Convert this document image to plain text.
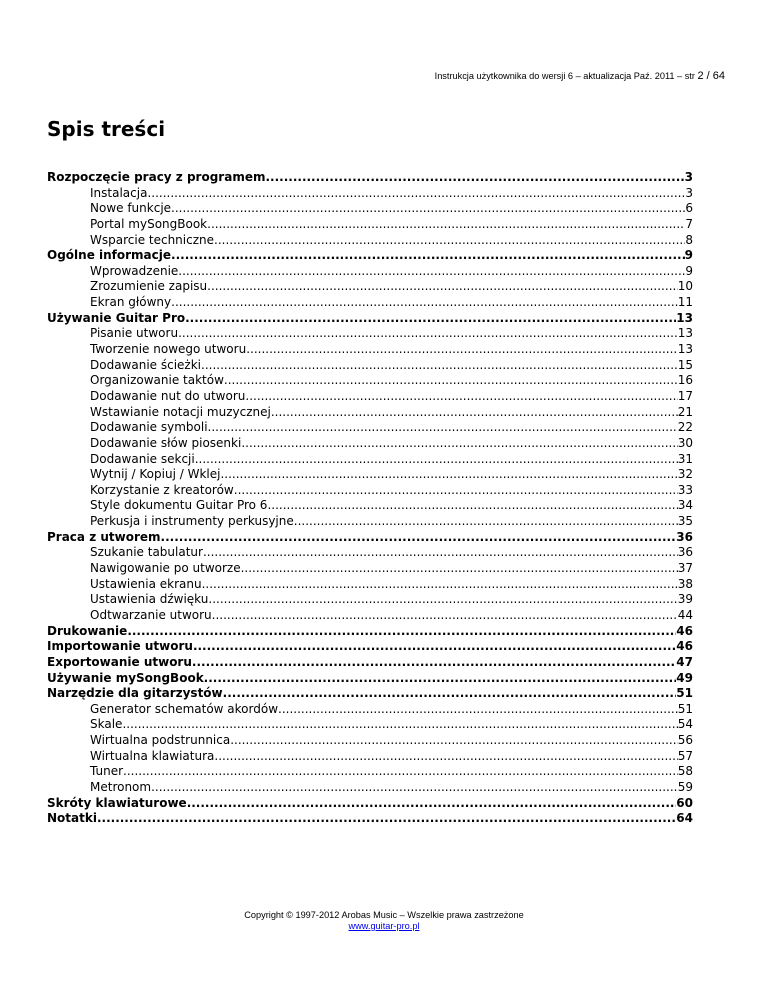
Instrukcja użytkownika do wersji 6 – aktualizacja Paź. 2011 – str 2 / 64
Spis treści
Rozpoczęcie pracy z programem .....	3
Instalacja .....	3
Nowe funkcje .....	6
Portal mySongBook .....	7
Wsparcie techniczne .....	8
Ogólne informacje .....	9
Wprowadzenie .....	9
Zrozumienie zapisu .....	10
Ekran główny .....	11
Używanie Guitar Pro .....	13
Pisanie utworu .....	13
Tworzenie nowego utworu .....	13
Dodawanie ścieżki .....	15
Organizowanie taktów .....	16
Dodawanie nut do utworu .....	17
Wstawianie notacji muzycznej .....	21
Dodawanie symboli .....	22
Dodawanie słów piosenki .....	30
Dodawanie sekcji .....	31
Wytnij / Kopiuj / Wklej .....	32
Korzystanie z kreatorów .....	33
Style dokumentu Guitar Pro 6 .....	34
Perkusja i instrumenty perkusyjne .....	35
Praca z utworem .....	36
Szukanie tabulatur .....	36
Nawigowanie po utworze .....	37
Ustawienia ekranu .....	38
Ustawienia dźwięku .....	39
Odtwarzanie utworu .....	44
Drukowanie .....	46
Importowanie utworu .....	46
Exportowanie utworu .....	47
Używanie mySongBook .....	49
Narzędzie dla gitarzystów .....	51
Generator schematów akordów .....	51
Skale .....	54
Wirtualna podstrunnica .....	56
Wirtualna klawiatura .....	57
Tuner .....	58
Metronom .....	59
Skróty klawiaturowe .....	60
Notatki .....	64
Copyright © 1997-2012 Arobas Music – Wszelkie prawa zastrzeżone
www.guitar-pro.pl
